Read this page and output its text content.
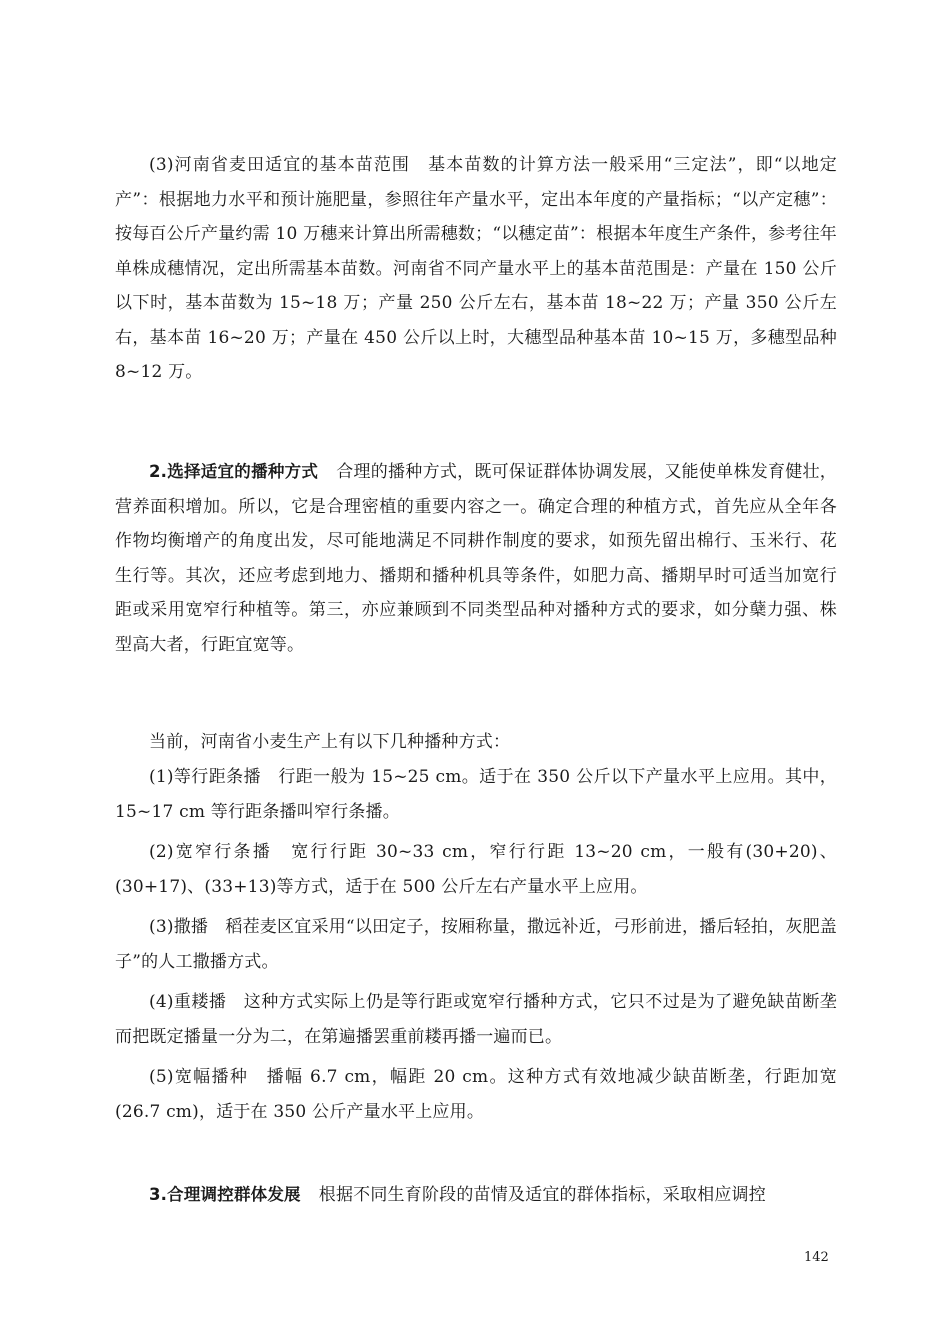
(3)河南省麦田适宜的基本苗范围　基本苗数的计算方法一般采用“三定法”，即“以地定产”：根据地力水平和预计施肥量，参照往年产量水平，定出本年度的产量指标；“以产定穗”：按每百公斤产量约需 10 万穗来计算出所需穗数；“以穗定苗”：根据本年度生产条件，参考往年单株成穗情况，定出所需基本苗数。河南省不同产量水平上的基本苗范围是：产量在 150 公斤以下时，基本苗数为 15~18 万；产量 250 公斤左右，基本苗 18~22 万；产量 350 公斤左右，基本苗 16~20 万；产量在 450 公斤以上时，大穗型品种基本苗 10~15 万，多穗型品种 8~12 万。

2.选择适宜的播种方式 合理的播种方式，既可保证群体协调发展，又能使单株发育健壮，营养面积增加。所以，它是合理密植的重要内容之一。确定合理的种植方式，首先应从全年各作物均衡增产的角度出发，尽可能地满足不同耕作制度的要求，如预先留出棉行、玉米行、花生行等。其次，还应考虑到地力、播期和播种机具等条件，如肥力高、播期早时可适当加宽行距或采用宽窄行种植等。第三，亦应兼顾到不同类型品种对播种方式的要求，如分蘖力强、株型高大者，行距宜宽等。

当前，河南省小麦生产上有以下几种播种方式：

(1)等行距条播　行距一般为 15~25 cm。适于在 350 公斤以下产量水平上应用。其中，15~17 cm 等行距条播叫窄行条播。

(2)宽窄行条播　宽行行距 30~33 cm，窄行行距 13~20 cm，一般有(30+20)、(30+17)、(33+13)等方式，适于在 500 公斤左右产量水平上应用。

(3)撒播　稻茬麦区宜采用“以田定子，按厢称量，撒远补近，弓形前进，播后轻拍，灰肥盖子”的人工撒播方式。

(4)重耧播　这种方式实际上仍是等行距或宽窄行播种方式，它只不过是为了避免缺苗断垄而把既定播量一分为二，在第遍播罢重前耧再播一遍而已。

(5)宽幅播种　播幅 6.7 cm，幅距 20 cm。这种方式有效地减少缺苗断垄，行距加宽(26.7 cm)，适于在 350 公斤产量水平上应用。

3.合理调控群体发展 根据不同生育阶段的苗情及适宜的群体指标，采取相应调控

142
